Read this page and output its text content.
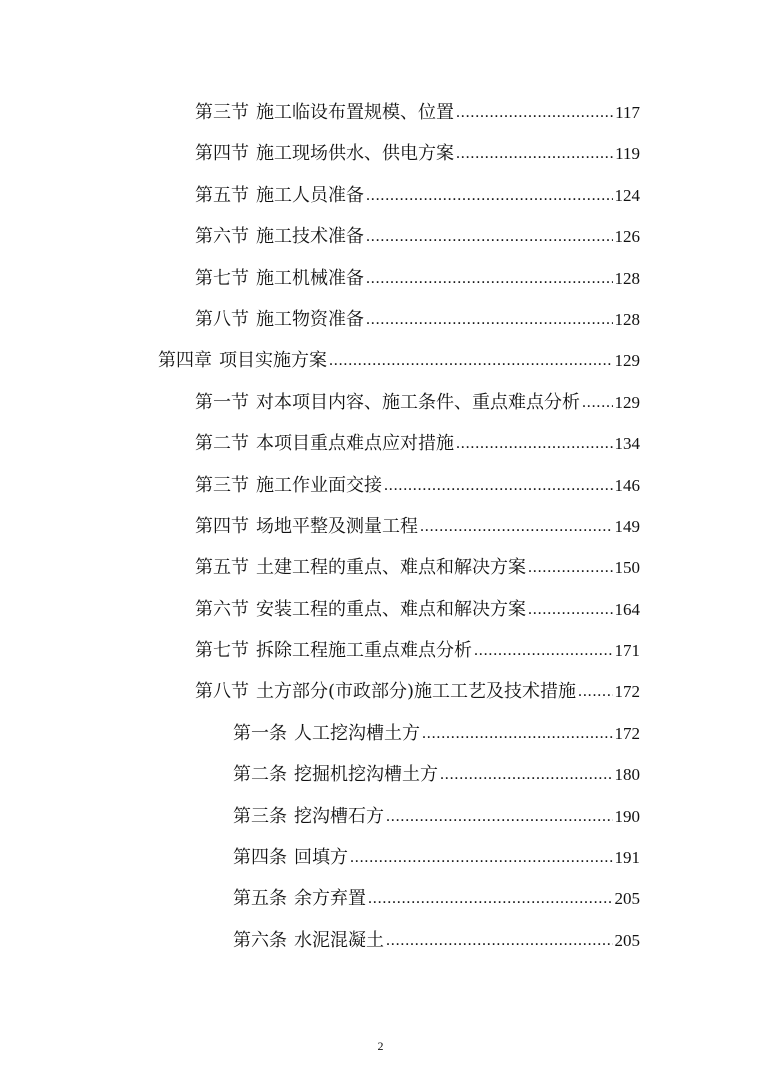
第三节 施工临设布置规模、位置 .....	117
第四节 施工现场供水、供电方案 .....	119
第五节 施工人员准备 .....	124
第六节 施工技术准备 .....	126
第七节 施工机械准备 .....	128
第八节 施工物资准备 .....	128
第四章 项目实施方案 .....	129
第一节 对本项目内容、施工条件、重点难点分析 ..... 129
第二节 本项目重点难点应对措施 .....	134
第三节 施工作业面交接 .....	146
第四节 场地平整及测量工程 .....	149
第五节 土建工程的重点、难点和解决方案 .....	150
第六节 安装工程的重点、难点和解决方案 .....	164
第七节 拆除工程施工重点难点分析 .....	171
第八节 土方部分(市政部分)施工工艺及技术措施 ..... 172
第一条 人工挖沟槽土方 .....	172
第二条 挖掘机挖沟槽土方 .....	180
第三条 挖沟槽石方 .....	190
第四条 回填方 .....	191
第五条 余方弃置 .....	205
第六条 水泥混凝土 .....	205
2
